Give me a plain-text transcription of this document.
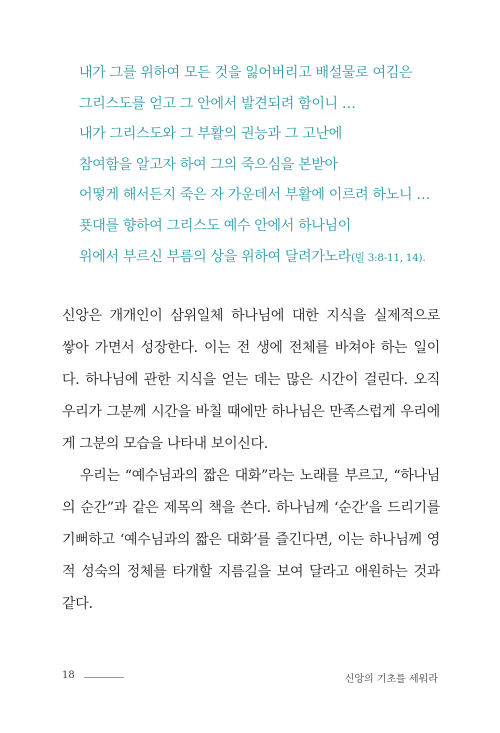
내가 그를 위하여 모든 것을 잃어버리고 배설물로 여김은
그리스도를 얻고 그 안에서 발견되려 함이니 …
내가 그리스도와 그 부활의 권능과 그 고난에
참여함을 알고자 하여 그의 죽으심을 본받아
어떻게 해서든지 죽은 자 가운데서 부활에 이르려 하노니 …
푯대를 향하여 그리스도 예수 안에서 하나님이
위에서 부르신 부름의 상을 위하여 달려가노라(빌 3:8-11, 14).
신앙은 개개인이 삼위일체 하나님에 대한 지식을 실제적으로
쌓아 가면서 성장한다. 이는 전 생에 전체를 바쳐야 하는 일이
다. 하나님에 관한 지식을 얻는 데는 많은 시간이 걸린다. 오직
우리가 그분께 시간을 바칠 때에만 하나님은 만족스럽게 우리에
게 그분의 모습을 나타내 보이신다.
우리는 “예수님과의 짧은 대화”라는 노래를 부르고, “하나님
의 순간”과 같은 제목의 책을 쓴다. 하나님께 ‘순간’을 드리기를
기뻐하고 ‘예수님과의 짧은 대화’를 즐긴다면, 이는 하나님께 영
적 성숙의 정체를 타개할 지름길을 보여 달라고 애원하는 것과
같다.
18	신앙의 기초를 세워라
